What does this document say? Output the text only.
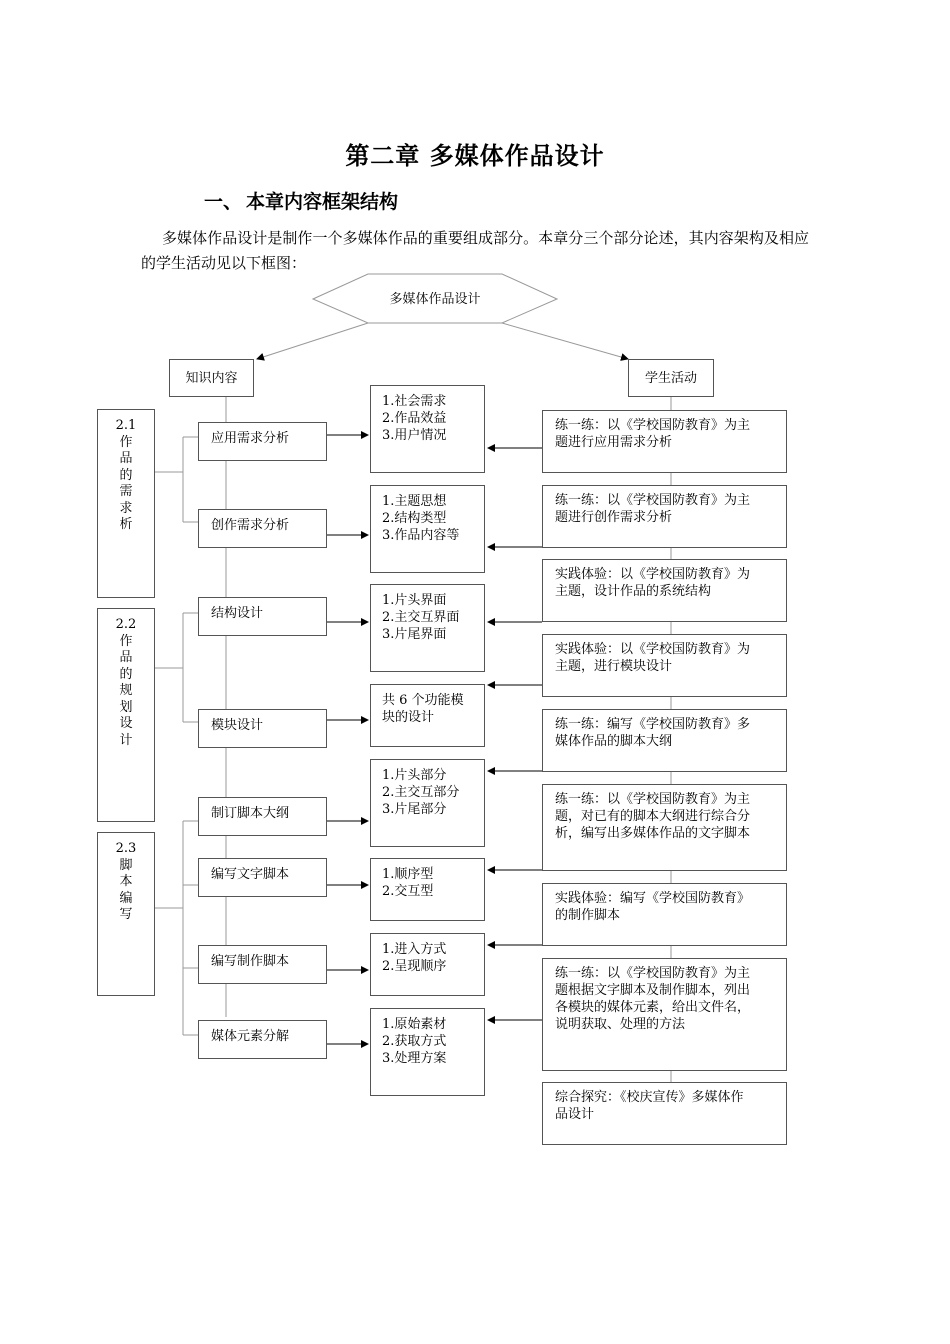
第二章 多媒体作品设计
一、 本章内容框架结构
多媒体作品设计是制作一个多媒体作品的重要组成部分。本章分三个部分论述，其内容架构及相应的学生活动见以下框图：
多媒体作品设计
知识内容	学生活动
2.1
作
品
的
需
求
析
2.2
作
品
的
规
划
设
计
2.3
脚
本
编
写
应用需求分析
创作需求分析
结构设计
模块设计
制订脚本大纲
编写文字脚本
编写制作脚本
媒体元素分解
1.社会需求
2.作品效益
3.用户情况
1.主题思想
2.结构类型
3.作品内容等
1.片头界面
2.主交互界面
3.片尾界面
共 6 个功能模
块的设计
1.片头部分
2.主交互部分
3.片尾部分
1.顺序型
2.交互型
1.进入方式
2.呈现顺序
1.原始素材
2.获取方式
3.处理方案
练一练：以《学校国防教育》为主
题进行应用需求分析
练一练：以《学校国防教育》为主
题进行创作需求分析
实践体验：以《学校国防教育》为
主题，设计作品的系统结构
实践体验：以《学校国防教育》为
主题，进行模块设计
练一练：编写《学校国防教育》多
媒体作品的脚本大纲
练一练：以《学校国防教育》为主
题，对已有的脚本大纲进行综合分
析，编写出多媒体作品的文字脚本
实践体验：编写《学校国防教育》
的制作脚本
练一练：以《学校国防教育》为主
题根据文字脚本及制作脚本，列出
各模块的媒体元素，给出文件名，
说明获取、处理的方法
综合探究：《校庆宣传》多媒体作
品设计
